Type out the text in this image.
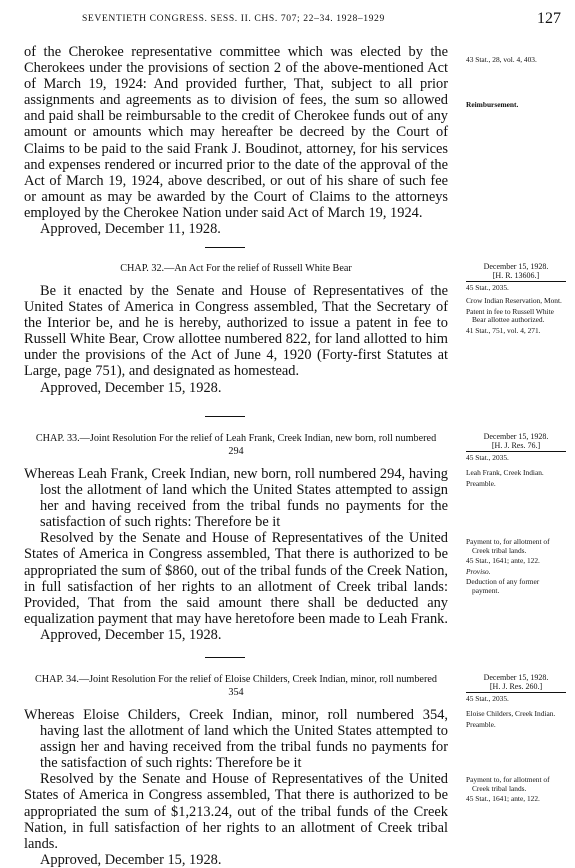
SEVENTIETH CONGRESS. SESS. II. CHS. 707; 22–34. 1928–1929	127

of the Cherokee representative committee which was elected by the Cherokees under the provisions of section 2 of the above-mentioned Act of March 19, 1924: And provided further, That, subject to all prior assignments and agreements as to division of fees, the sum so allowed and paid shall be reimbursable to the credit of Cherokee funds out of any amount or amounts which may hereafter be decreed by the Court of Claims to be paid to the said Frank J. Boudinot, attorney, for his services and expenses rendered or incurred prior to the date of the approval of the Act of March 19, 1924, above described, or out of his share of such fee or amount as may be awarded by the Court of Claims to the attorneys employed by the Cherokee Nation under said Act of March 19, 1924.

Approved, December 11, 1928.

43 Stat., 28, vol. 4, 403.

Reimbursement.

CHAP. 32.—An Act For the relief of Russell White Bear

Be it enacted by the Senate and House of Representatives of the United States of America in Congress assembled, That the Secretary of the Interior be, and he is hereby, authorized to issue a patent in fee to Russell White Bear, Crow allottee numbered 822, for land allotted to him under the provisions of the Act of June 4, 1920 (Forty-first Statutes at Large, page 751), and designated as homestead.

Approved, December 15, 1928.

December 15, 1928.
[H. R. 13606.]

45 Stat., 2035.

Crow Indian Reservation, Mont.

Patent in fee to Russell White Bear allottee authorized.

41 Stat., 751, vol. 4, 271.

CHAP. 33.—Joint Resolution For the relief of Leah Frank, Creek Indian, new born, roll numbered 294

Whereas Leah Frank, Creek Indian, new born, roll numbered 294, having lost the allotment of land which the United States attempted to assign her and having received from the tribal funds no payments for the satisfaction of such rights: Therefore be it

Resolved by the Senate and House of Representatives of the United States of America in Congress assembled, That there is authorized to be appropriated the sum of $860, out of the tribal funds of the Creek Nation, in full satisfaction of her rights to an allotment of Creek tribal lands: Provided, That from the said amount there shall be deducted any equalization payment that may have heretofore been made to Leah Frank.

Approved, December 15, 1928.

December 15, 1928.
[H. J. Res. 76.]

45 Stat., 2035.

Leah Frank, Creek Indian.

Preamble.

Payment to, for allotment of Creek tribal lands.

45 Stat., 1641; ante, 122.

Proviso.

Deduction of any former payment.

CHAP. 34.—Joint Resolution For the relief of Eloise Childers, Creek Indian, minor, roll numbered 354

Whereas Eloise Childers, Creek Indian, minor, roll numbered 354, having last the allotment of land which the United States attempted to assign her and having received from the tribal funds no payments for the satisfaction of such rights: Therefore be it

Resolved by the Senate and House of Representatives of the United States of America in Congress assembled, That there is authorized to be appropriated the sum of $1,213.24, out of the tribal funds of the Creek Nation, in full satisfaction of her rights to an allotment of Creek tribal lands.

Approved, December 15, 1928.

December 15, 1928.
[H. J. Res. 260.]

45 Stat., 2035.

Eloise Childers, Creek Indian.

Preamble.

Payment to, for allotment of Creek tribal lands.

45 Stat., 1641; ante, 122.
